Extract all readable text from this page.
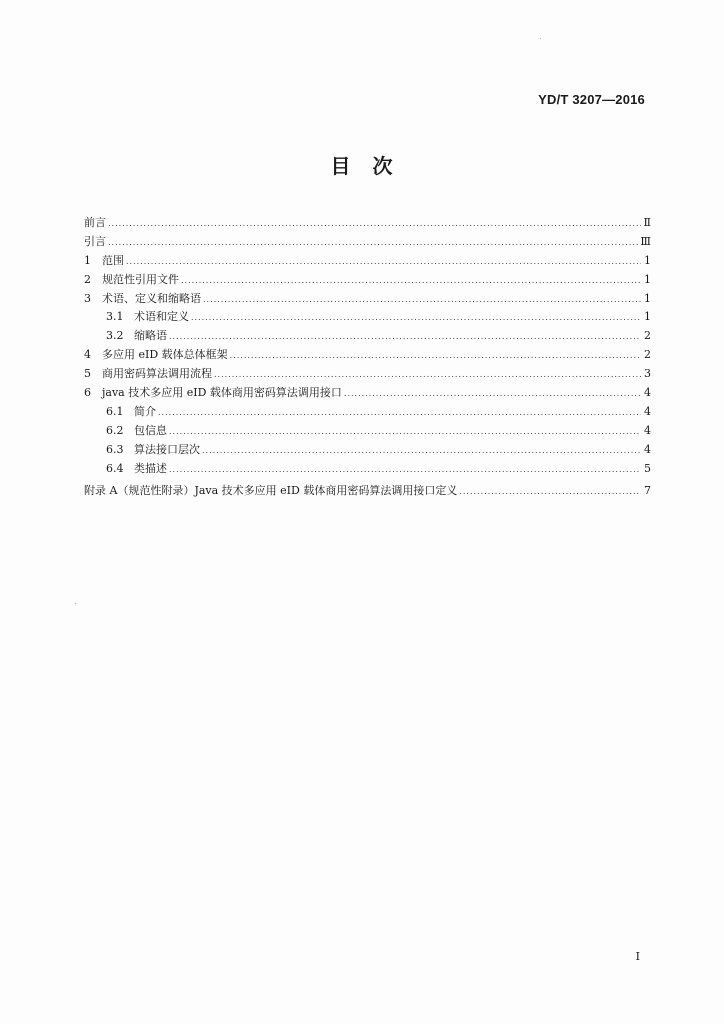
YD/T 3207—2016
目　次
前言 .....	Ⅱ
引言 .....	Ⅲ
1	范围 .....	1
2	规范性引用文件 .....	1
3	术语、定义和缩略语 .....	1
3.1 术语和定义 .....	1
3.2 缩略语 .....	2
4	多应用 eID 载体总体框架 .....	2
5	商用密码算法调用流程 .....	3
6	java 技术多应用 eID 载体商用密码算法调用接口 .....	4
6.1 简介 .....	4
6.2 包信息 .....	4
6.3 算法接口层次 .....	4
6.4 类描述 .....	5
附录 A（规范性附录）Java 技术多应用 eID 载体商用密码算法调用接口定义 .....	7
I
